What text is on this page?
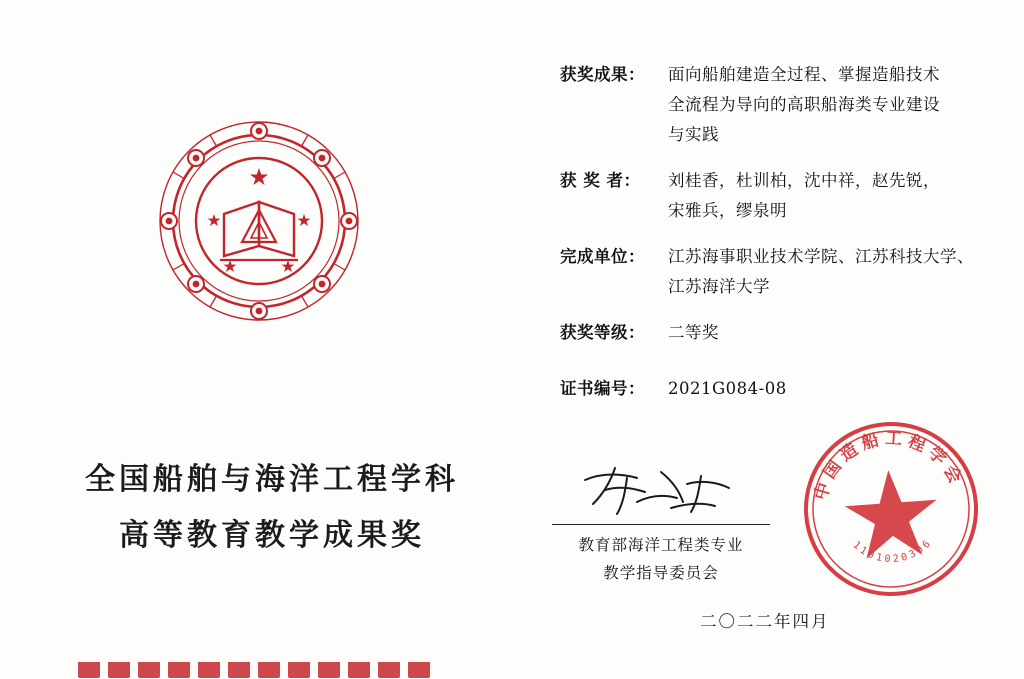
全国船舶与海洋工程学科
高等教育教学成果奖
获奖成果：	面向船舶建造全过程、掌握造船技术
全流程为导向的高职船海类专业建设
与实践
获 奖 者：	刘桂香，杜训柏，沈中祥，赵先锐，
宋雅兵，缪泉明
完成单位：	江苏海事职业技术学院、江苏科技大学、
江苏海洋大学
获奖等级：	二等奖
证书编号：	2021G084-08
教育部海洋工程类专业
教学指导委员会
二〇二二年四月
中国造船工程学会
1101020306
